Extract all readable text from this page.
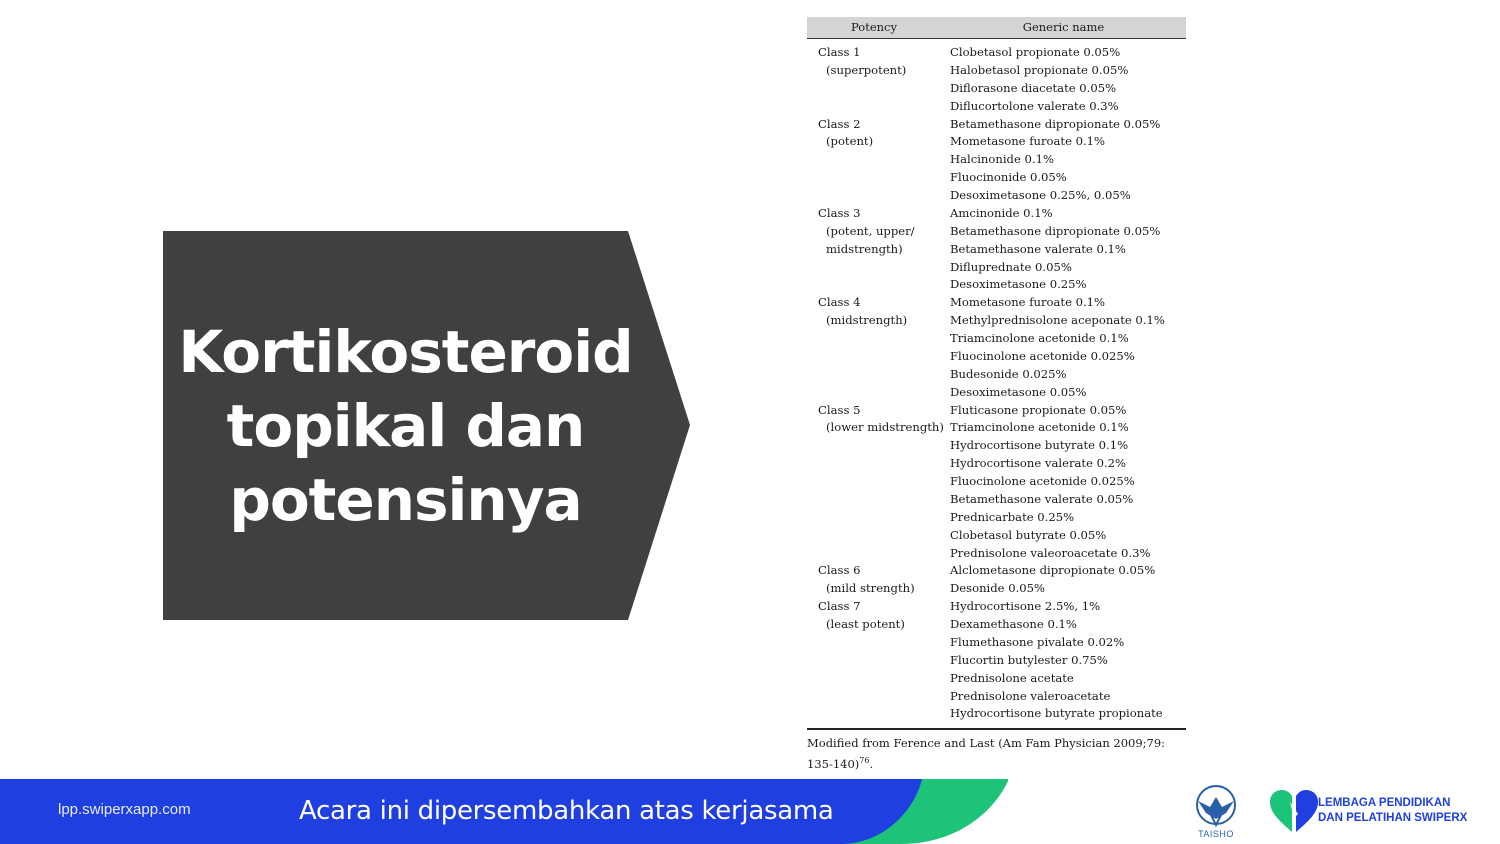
Kortikosteroid
topikal dan
potensinya
Potency	Generic name
Class 1	Clobetasol propionate 0.05%
(superpotent)	Halobetasol propionate 0.05%
Diflorasone diacetate 0.05%
Diflucortolone valerate 0.3%
Class 2	Betamethasone dipropionate 0.05%
(potent)	Mometasone furoate 0.1%
Halcinonide 0.1%
Fluocinonide 0.05%
Desoximetasone 0.25%, 0.05%
Class 3	Amcinonide 0.1%
(potent, upper/	Betamethasone dipropionate 0.05%
midstrength)	Betamethasone valerate 0.1%
Difluprednate 0.05%
Desoximetasone 0.25%
Class 4	Mometasone furoate 0.1%
(midstrength)	Methylprednisolone aceponate 0.1%
Triamcinolone acetonide 0.1%
Fluocinolone acetonide 0.025%
Budesonide 0.025%
Desoximetasone 0.05%
Class 5	Fluticasone propionate 0.05%
(lower midstrength) Triamcinolone acetonide 0.1%
Hydrocortisone butyrate 0.1%
Hydrocortisone valerate 0.2%
Fluocinolone acetonide 0.025%
Betamethasone valerate 0.05%
Prednicarbate 0.25%
Clobetasol butyrate 0.05%
Prednisolone valeoroacetate 0.3%
Class 6	Alclometasone dipropionate 0.05%
(mild strength)	Desonide 0.05%
Class 7	Hydrocortisone 2.5%, 1%
(least potent)	Dexamethasone 0.1%
Flumethasone pivalate 0.02%
Flucortin butylester 0.75%
Prednisolone acetate
Prednisolone valeroacetate
Hydrocortisone butyrate propionate
Modified from Ference and Last (Am Fam Physician 2009;79: 135-140)$^{76}$.
lpp.swiperxapp.com	Acara ini dipersembahkan atas kerjasama
TAISHO
LEMBAGA PENDIDIKAN
DAN PELATIHAN SWIPERX
